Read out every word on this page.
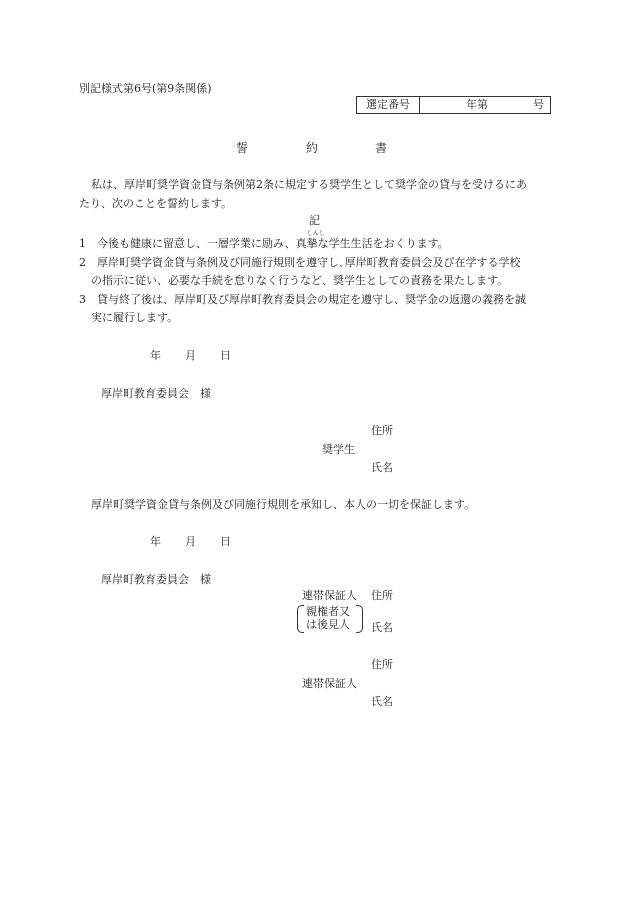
別記様式第6号(第9条関係)
選定番号	年第	号
誓	約	書
私は、厚岸町奨学資金貸与条例第2条に規定する奨学生として奨学金の貸与を受けるにあ
たり、次のことを誓約します。
記
しんし
1　今後も健康に留意し、一層学業に励み、真摯な学生生活をおくります。
2　厚岸町奨学資金貸与条例及び同施行規則を遵守し､厚岸町教育委員会及び在学する学校
の指示に従い、必要な手続を怠りなく行うなど、奨学生としての責務を果たします。
3　貸与終了後は、厚岸町及び厚岸町教育委員会の規定を遵守し、奨学金の返還の義務を誠
実に履行します。
年 月 日
厚岸町教育委員会　様
住所
奨学生
氏名
厚岸町奨学資金貸与条例及び同施行規則を承知し、本人の一切を保証します。
年 月 日
厚岸町教育委員会　様
連帯保証人 住所
親権者又
は後見人 氏名
住所
連帯保証人
氏名
